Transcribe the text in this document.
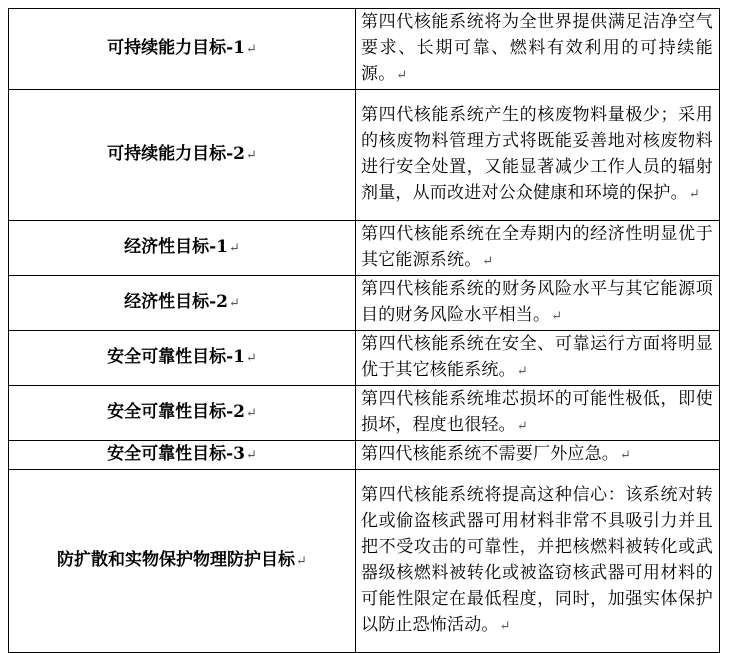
可持续能力目标-1↵	第四代核能系统将为全世界提供满足洁净空气要求、长期可靠、燃料有效利用的可持续能源。↵
可持续能力目标-2↵	第四代核能系统产生的核废物料量极少；采用的核废物料管理方式将既能妥善地对核废物料进行安全处置，又能显著减少工作人员的辐射剂量，从而改进对公众健康和环境的保护。↵
经济性目标-1↵	第四代核能系统在全寿期内的经济性明显优于其它能源系统。↵
经济性目标-2↵	第四代核能系统的财务风险水平与其它能源项目的财务风险水平相当。↵
安全可靠性目标-1↵	第四代核能系统在安全、可靠运行方面将明显优于其它核能系统。↵
安全可靠性目标-2↵	第四代核能系统堆芯损坏的可能性极低，即使损坏，程度也很轻。↵
安全可靠性目标-3↵	第四代核能系统不需要厂外应急。↵
防扩散和实物保护物理防护目标↵	第四代核能系统将提高这种信心：该系统对转化或偷盗核武器可用材料非常不具吸引力并且把不受攻击的可靠性，并把核燃料被转化或武器级核燃料被转化或被盗窃核武器可用材料的可能性限定在最低程度，同时，加强实体保护以防止恐怖活动。↵
